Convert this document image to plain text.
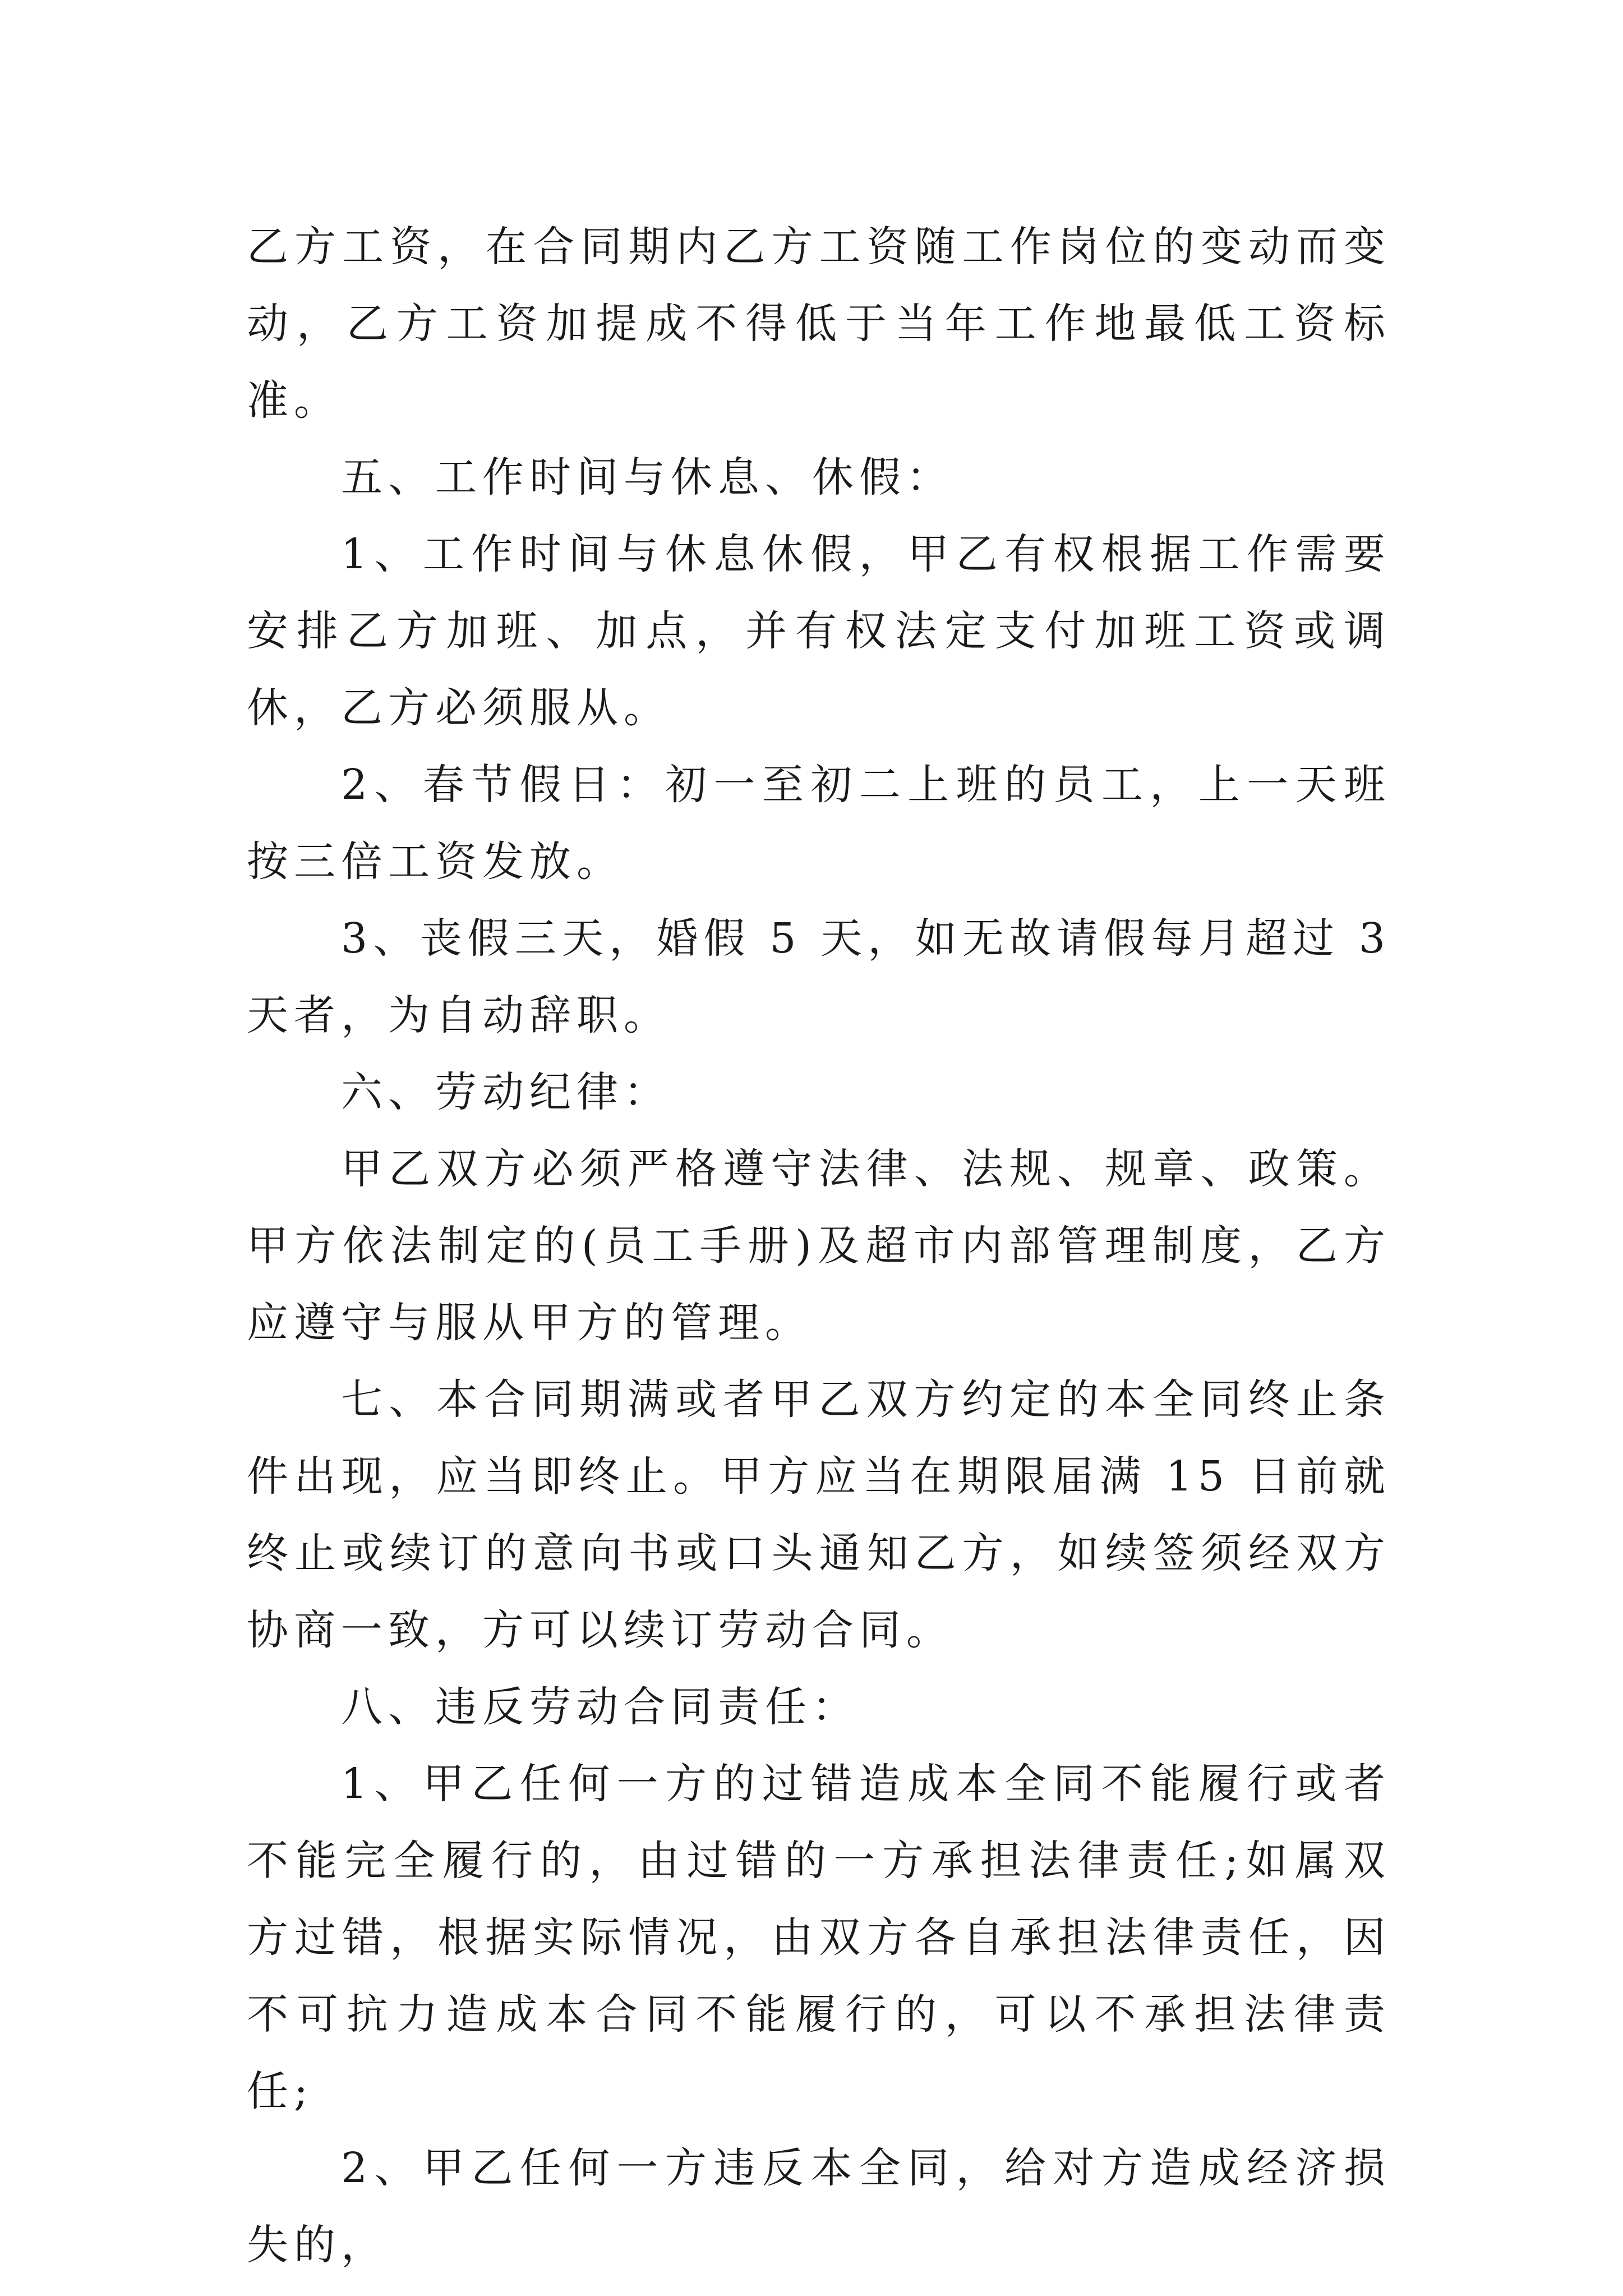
乙方工资，在合同期内乙方工资随工作岗位的变动而变动，乙方工资加提成不得低于当年工作地最低工资标准。

五、工作时间与休息、休假：

1、工作时间与休息休假，甲乙有权根据工作需要安排乙方加班、加点，并有权法定支付加班工资或调休，乙方必须服从。

2、春节假日：初一至初二上班的员工，上一天班按三倍工资发放。

3、丧假三天，婚假 5 天，如无故请假每月超过 3 天者，为自动辞职。

六、劳动纪律：

甲乙双方必须严格遵守法律、法规、规章、政策。甲方依法制定的(员工手册)及超市内部管理制度，乙方应遵守与服从甲方的管理。

七、本合同期满或者甲乙双方约定的本全同终止条件出现，应当即终止。甲方应当在期限届满 15 日前就终止或续订的意向书或口头通知乙方，如续签须经双方协商一致，方可以续订劳动合同。

八、违反劳动合同责任：

1、甲乙任何一方的过错造成本全同不能履行或者不能完全履行的，由过错的一方承担法律责任;如属双方过错，根据实际情况，由双方各自承担法律责任，因不可抗力造成本合同不能履行的，可以不承担法律责任;

2、甲乙任何一方违反本全同，给对方造成经济损失的，
